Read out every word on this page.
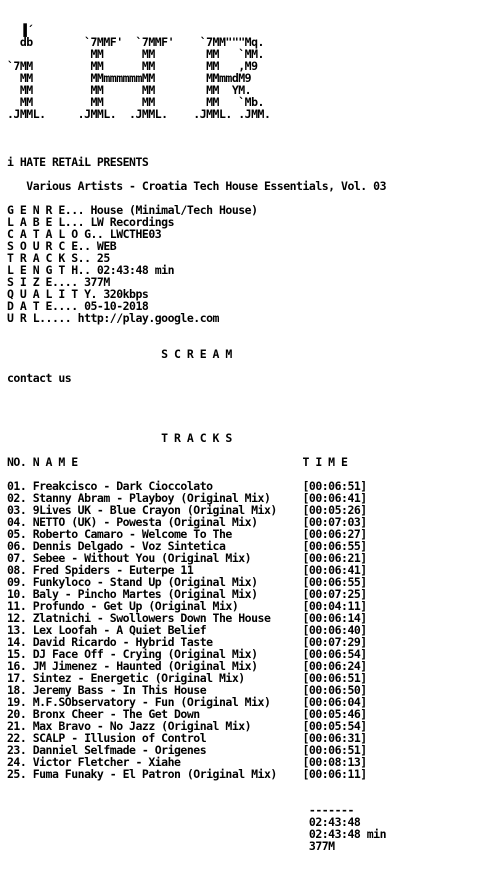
▐́
db        `7MMF'  `7MMF'    `7MM"""Mq.
MM      MM        MM   `MM.
`7MM         MM      MM        MM   ,M9
MM         MMmmmmmmMM        MMmmdM9
MM         MM      MM        MM  YM.
MM         MM      MM        MM   `Mb.
.JMML.     .JMML.  .JMML.    .JMML. .JMM.
i HATE RETAiL PRESENTS
Various Artists - Croatia Tech House Essentials, Vol. 03
G E N R E... House (Minimal/Tech House)
L A B E L... LW Recordings
C A T A L O G.. LWCTHE03
S O U R C E.. WEB
T R A C K S.. 25
L E N G T H.. 02:43:48 min
S I Z E.... 377M
Q U A L I T Y. 320kbps
D A T E.... 05-10-2018
U R L..... http://play.google.com
S C R E A M
contact us
T R A C K S
NO. N A M E                                   T I M E
01. Freakcisco - Dark Cioccolato              [00:06:51]
02. Stanny Abram - Playboy (Original Mix)     [00:06:41]
03. 9Lives UK - Blue Crayon (Original Mix)    [00:05:26]
04. NETTO (UK) - Powesta (Original Mix)       [00:07:03]
05. Roberto Camaro - Welcome To The           [00:06:27]
06. Dennis Delgado - Voz Sintetica            [00:06:55]
07. Sebee - Without You (Original Mix)        [00:06:21]
08. Fred Spiders - Euterpe 11                 [00:06:41]
09. Funkyloco - Stand Up (Original Mix)       [00:06:55]
10. Baly - Pincho Martes (Original Mix)       [00:07:25]
11. Profundo - Get Up (Original Mix)          [00:04:11]
12. Zlatnichi - Swollowers Down The House     [00:06:14]
13. Lex Loofah - A Quiet Belief               [00:06:40]
14. David Ricardo - Hybrid Taste              [00:07:29]
15. DJ Face Off - Crying (Original Mix)       [00:06:54]
16. JM Jimenez - Haunted (Original Mix)       [00:06:24]
17. Sintez - Energetic (Original Mix)         [00:06:51]
18. Jeremy Bass - In This House               [00:06:50]
19. M.F.SObservatory - Fun (Original Mix)     [00:06:04]
20. Bronx Cheer - The Get Down                [00:05:46]
21. Max Bravo - No Jazz (Original Mix)        [00:05:54]
22. SCALP - Illusion of Control               [00:06:31]
23. Danniel Selfmade - Origenes               [00:06:51]
24. Victor Fletcher - Xiahe                   [00:08:13]
25. Fuma Funaky - El Patron (Original Mix)    [00:06:11]
-------
02:43:48
02:43:48 min
377M
